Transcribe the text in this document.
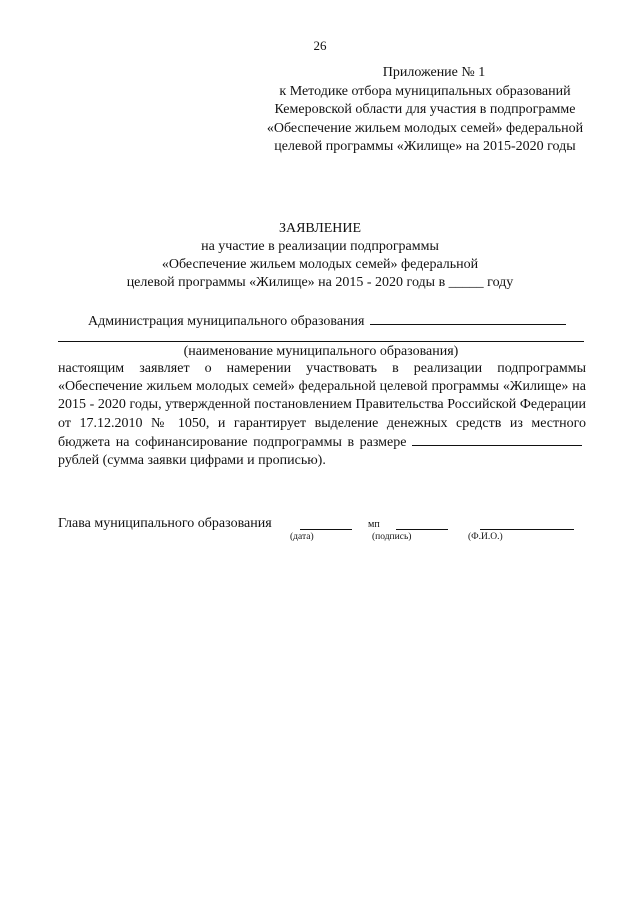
26
Приложение № 1
к Методике отбора муниципальных образований
Кемеровской области для участия в подпрограмме
«Обеспечение жильем молодых семей» федеральной
целевой программы «Жилище» на 2015-2020 годы
ЗАЯВЛЕНИЕ
на участие в реализации подпрограммы
«Обеспечение жильем молодых семей» федеральной
целевой программы «Жилище» на 2015 - 2020 годы в _____ году
Администрация муниципального образования
(наименование муниципального образования)
настоящим заявляет о намерении участвовать в реализации подпрограммы «Обеспечение жильем молодых семей» федеральной целевой программы «Жилище» на 2015 - 2020 годы, утвержденной постановлением Правительства Российской Федерации от 17.12.2010 № 1050, и гарантирует выделение денежных средств из местного бюджета на софинансирование подпрограммы в размере рублей (сумма заявки цифрами и прописью).
Глава муниципального образования	мп
(дата)	(подпись)	(Ф.И.О.)
